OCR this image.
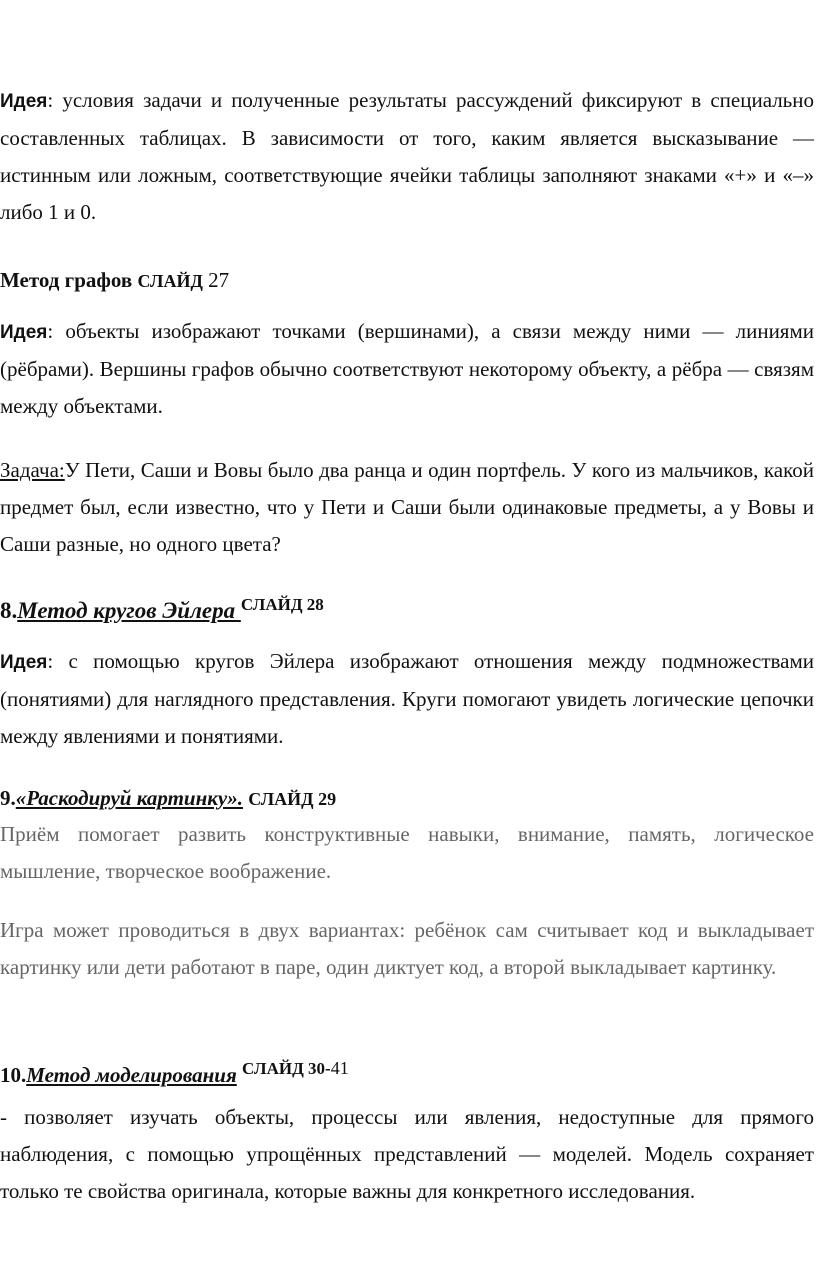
Идея: условия задачи и полученные результаты рассуждений фиксируют в специально составленных таблицах. В зависимости от того, каким является высказывание — истинным или ложным, соответствующие ячейки таблицы заполняют знаками «+» и «–» либо 1 и 0.

Метод графов СЛАЙД 27

Идея: объекты изображают точками (вершинами), а связи между ними — линиями (рёбрами). Вершины графов обычно соответствуют некоторому объекту, а рёбра — связям между объектами.

Задача:У Пети, Саши и Вовы было два ранца и один портфель. У кого из мальчиков, какой предмет был, если известно, что у Пети и Саши были одинаковые предметы, а у Вовы и Саши разные, но одного цвета?

8.Метод кругов Эйлера $^{СЛАЙД 28}$

Идея: с помощью кругов Эйлера изображают отношения между подмножествами (понятиями) для наглядного представления. Круги помогают увидеть логические цепочки между явлениями и понятиями.

9.«Раскодируй картинку». СЛАЙД 29

Приём помогает развить конструктивные навыки, внимание, память, логическое мышление, творческое воображение.

Игра может проводиться в двух вариантах: ребёнок сам считывает код и выкладывает картинку или дети работают в паре, один диктует код, а второй выкладывает картинку.

10.Метод моделирования $^{СЛАЙД 30-}$41

- позволяет изучать объекты, процессы или явления, недоступные для прямого наблюдения, с помощью упрощённых представлений — моделей. Модель сохраняет только те свойства оригинала, которые важны для конкретного исследования.
